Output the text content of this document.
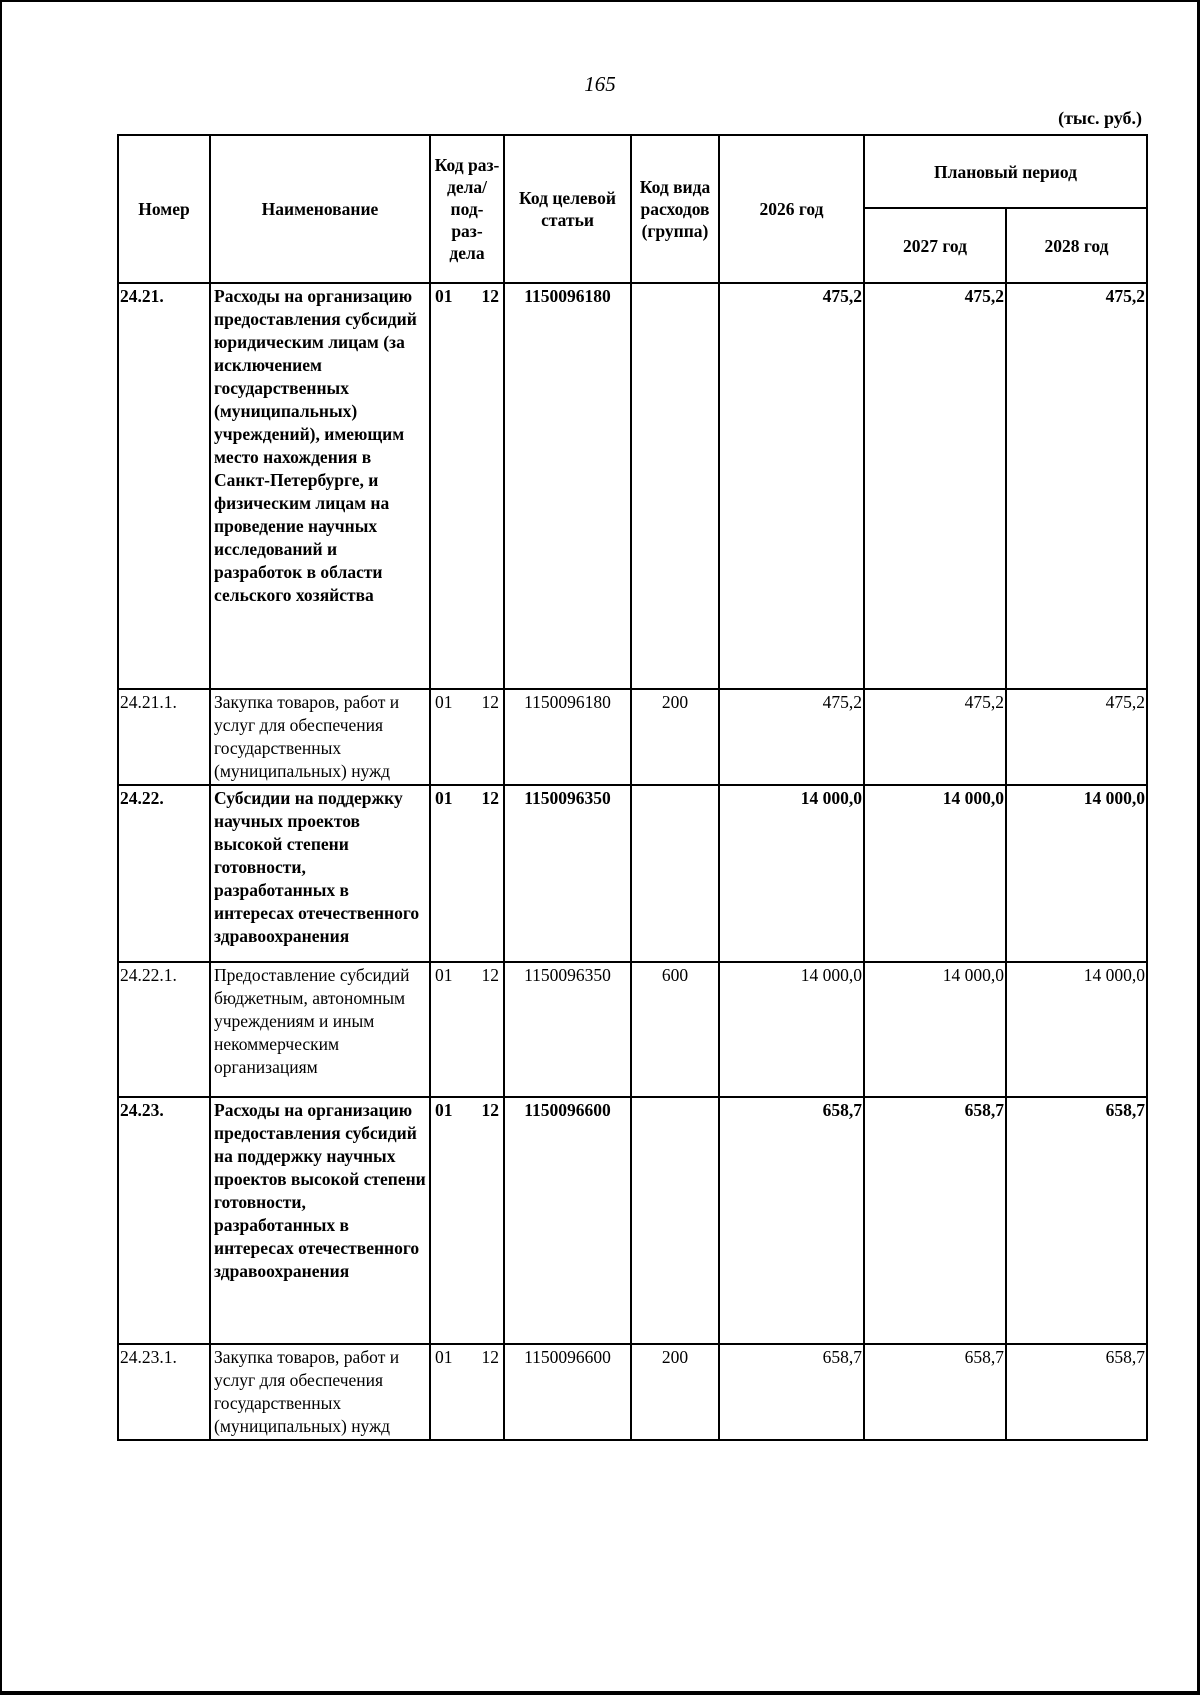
165
(тыс. руб.)
Номер	Наименование	Код раз- дела/ под- раз- дела	Код целевой статьи	Код вида расходов (группа)	2026 год	Плановый период	
						2027 год	2028 год
24.21.	Расходы на организацию предоставления субсидий юридическим лицам (за исключением государственных (муниципальных) учреждений), имеющим место нахождения в Санкт-Петербурге, и физическим лицам на проведение научных исследований и разработок в области сельского хозяйства	01 12	1150096180		475,2	475,2	475,2
24.21.1.	Закупка товаров, работ и услуг для обеспечения государственных (муниципальных) нужд	01 12	1150096180	200	475,2	475,2	475,2
24.22.	Субсидии на поддержку научных проектов высокой степени готовности, разработанных в интересах отечественного здравоохранения	01 12	1150096350		14 000,0	14 000,0	14 000,0
24.22.1.	Предоставление субсидий бюджетным, автономным учреждениям и иным некоммерческим организациям	01 12	1150096350	600	14 000,0	14 000,0	14 000,0
24.23.	Расходы на организацию предоставления субсидий на поддержку научных проектов высокой степени готовности, разработанных в интересах отечественного здравоохранения	01 12	1150096600		658,7	658,7	658,7
24.23.1.	Закупка товаров, работ и услуг для обеспечения государственных (муниципальных) нужд	01 12	1150096600	200	658,7	658,7	658,7
